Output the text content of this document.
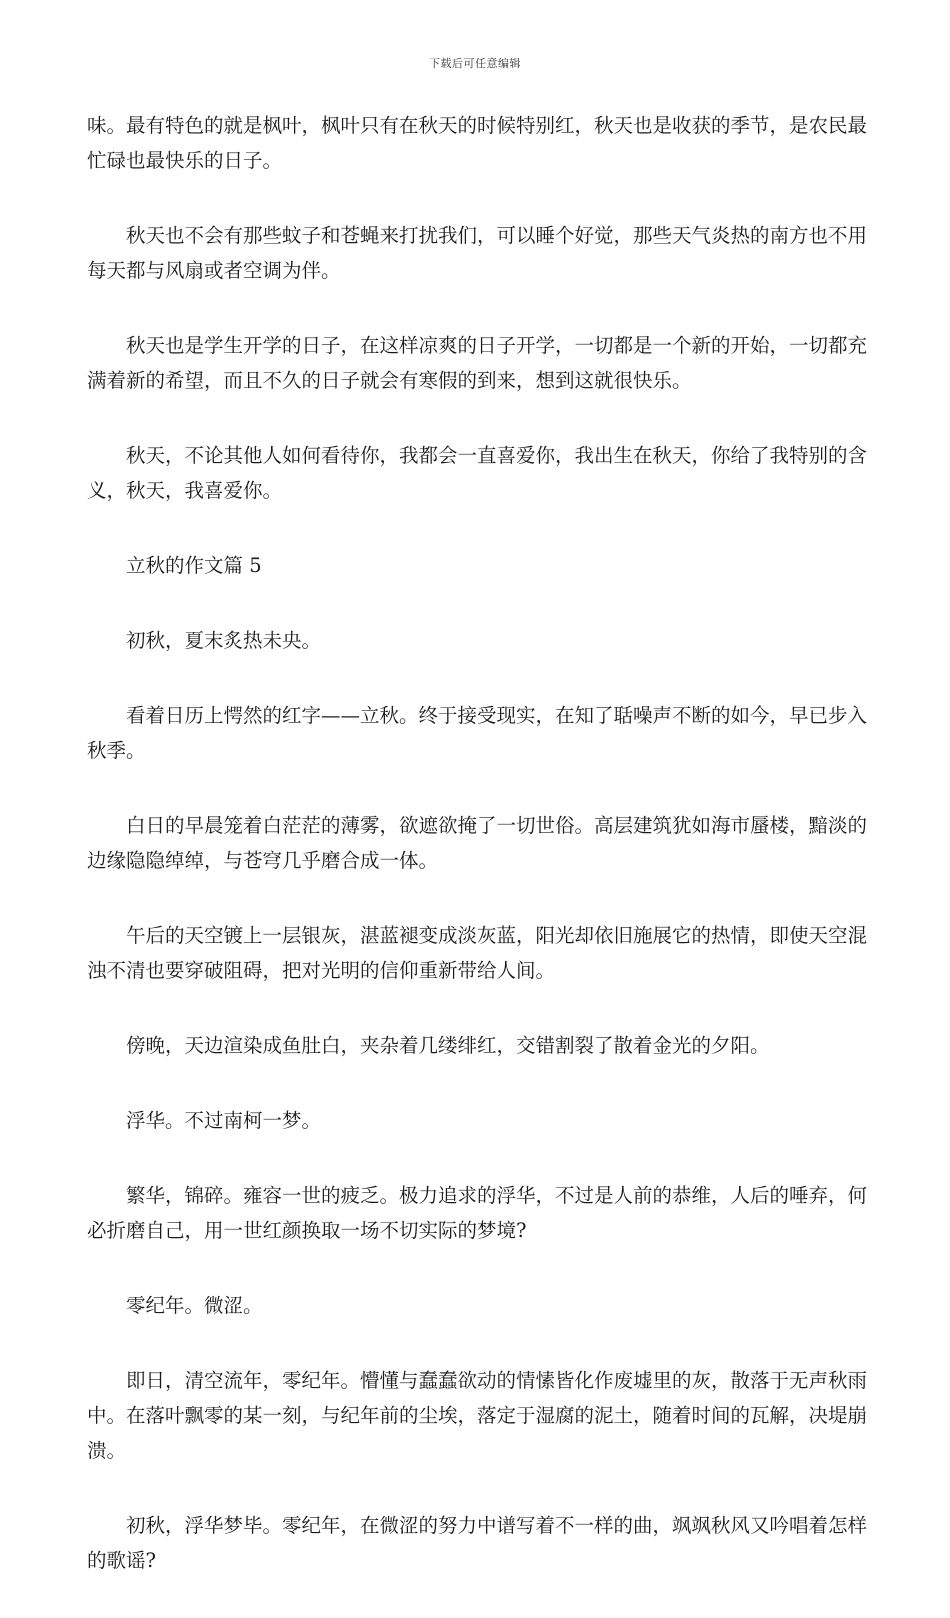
下载后可任意编辑

味。最有特色的就是枫叶，枫叶只有在秋天的时候特别红，秋天也是收获的季节，是农民最忙碌也最快乐的日子。

秋天也不会有那些蚊子和苍蝇来打扰我们，可以睡个好觉，那些天气炎热的南方也不用每天都与风扇或者空调为伴。

秋天也是学生开学的日子，在这样凉爽的日子开学，一切都是一个新的开始，一切都充满着新的希望，而且不久的日子就会有寒假的到来，想到这就很快乐。

秋天，不论其他人如何看待你，我都会一直喜爱你，我出生在秋天，你给了我特别的含义，秋天，我喜爱你。

立秋的作文篇 5

初秋，夏末炙热未央。

看着日历上愕然的红字——立秋。终于接受现实，在知了聒噪声不断的如今，早已步入秋季。

白日的早晨笼着白茫茫的薄雾，欲遮欲掩了一切世俗。高层建筑犹如海市蜃楼，黯淡的边缘隐隐绰绰，与苍穹几乎磨合成一体。

午后的天空镀上一层银灰，湛蓝褪变成淡灰蓝，阳光却依旧施展它的热情，即使天空混浊不清也要穿破阻碍，把对光明的信仰重新带给人间。

傍晚，天边渲染成鱼肚白，夹杂着几缕绯红，交错割裂了散着金光的夕阳。

浮华。不过南柯一梦。

繁华，锦碎。雍容一世的疲乏。极力追求的浮华，不过是人前的恭维，人后的唾弃，何必折磨自己，用一世红颜换取一场不切实际的梦境?

零纪年。微涩。

即日，清空流年，零纪年。懵懂与蠢蠢欲动的情愫皆化作废墟里的灰，散落于无声秋雨中。在落叶飘零的某一刻，与纪年前的尘埃，落定于湿腐的泥土，随着时间的瓦解，决堤崩溃。

初秋，浮华梦毕。零纪年，在微涩的努力中谱写着不一样的曲，飒飒秋风又吟唱着怎样的歌谣?
